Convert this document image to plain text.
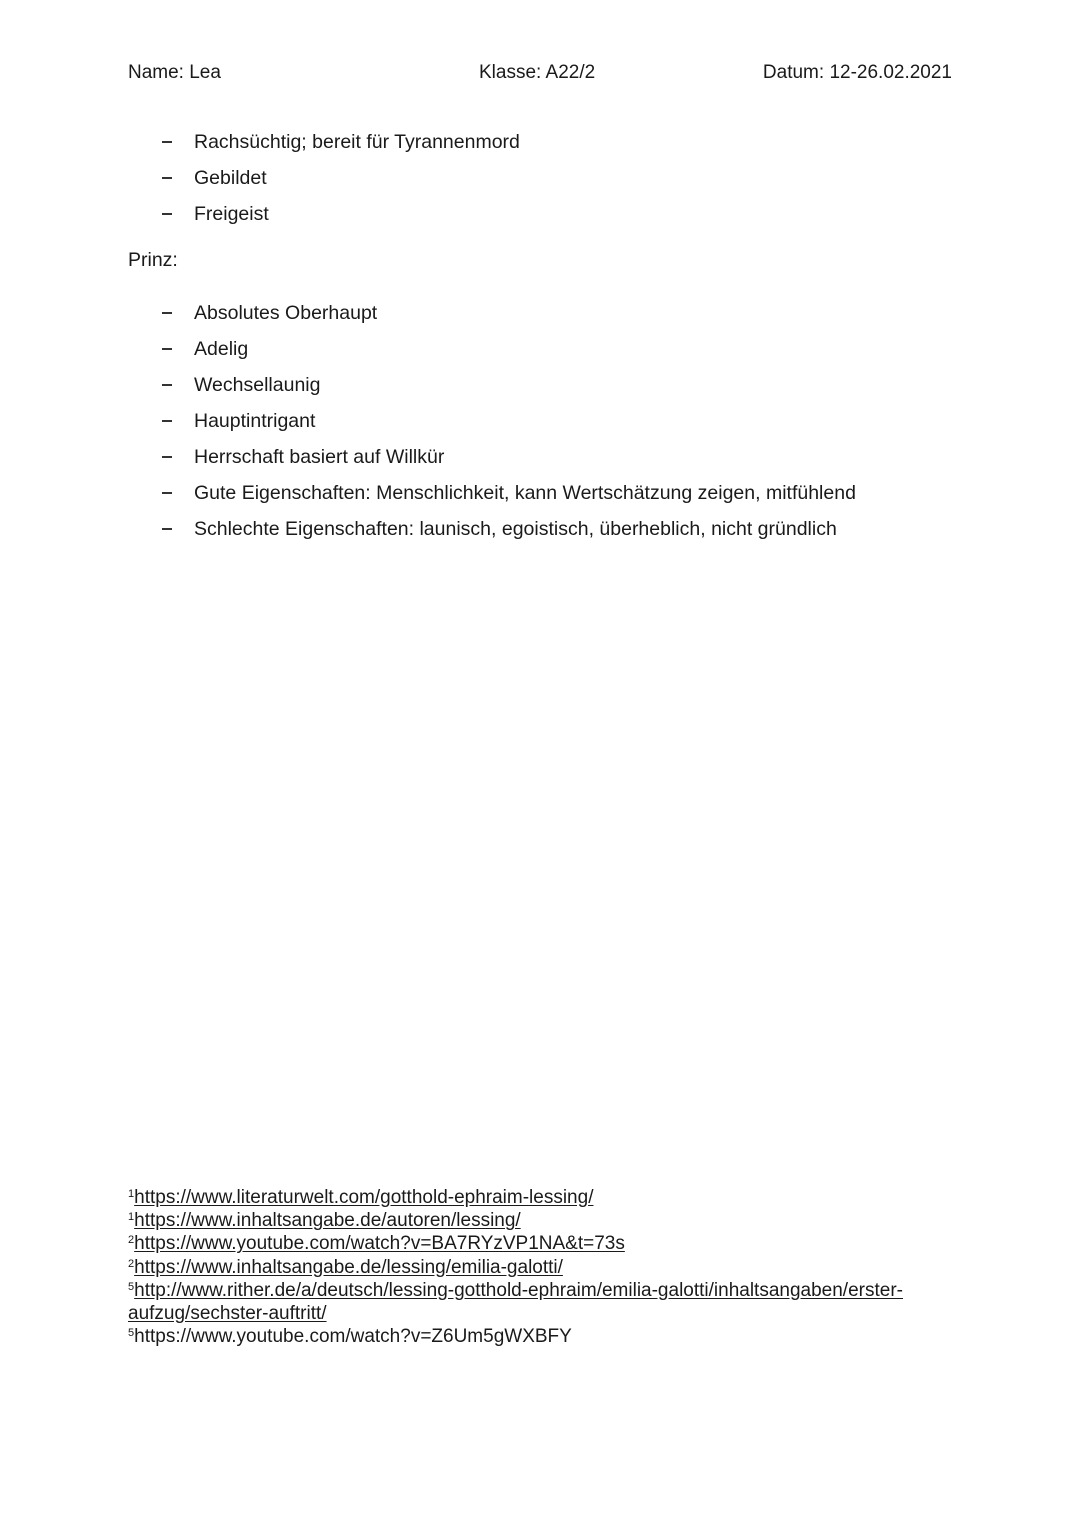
Name: Lea	Klasse: A22/2	Datum: 12-26.02.2021
Rachsüchtig; bereit für Tyrannenmord
Gebildet
Freigeist
Prinz:
Absolutes Oberhaupt
Adelig
Wechsellaunig
Hauptintrigant
Herrschaft basiert auf Willkür
Gute Eigenschaften: Menschlichkeit, kann Wertschätzung zeigen, mitfühlend
Schlechte Eigenschaften: launisch, egoistisch, überheblich, nicht gründlich
$^1$https://www.literaturwelt.com/gotthold-ephraim-lessing/
$^1$https://www.inhaltsangabe.de/autoren/lessing/
$^2$https://www.youtube.com/watch?v=BA7RYzVP1NA&t=73s
$^2$https://www.inhaltsangabe.de/lessing/emilia-galotti/
$^5$http://www.rither.de/a/deutsch/lessing-gotthold-ephraim/emilia-galotti/inhaltsangaben/erster-
aufzug/sechster-auftritt/
$^5$https://www.youtube.com/watch?v=Z6Um5gWXBFY
